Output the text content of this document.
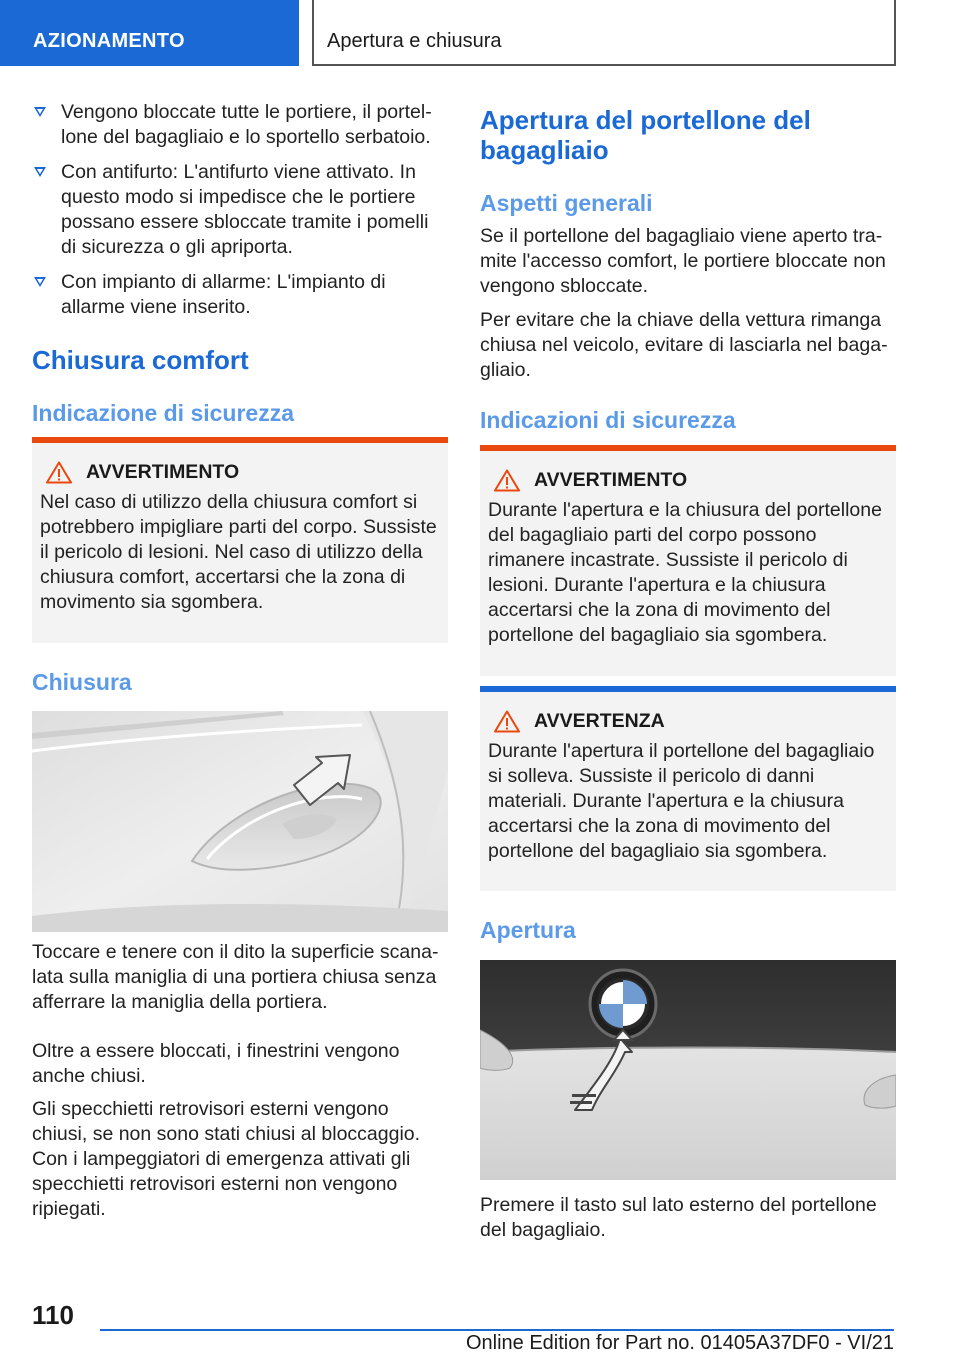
AZIONAMENTO	Apertura e chiusura
Vengono bloccate tutte le portiere, il portellone del bagagliaio e lo sportello serbatoio.
Con antifurto: L'antifurto viene attivato. In questo modo si impedisce che le portiere possano essere sbloccate tramite i pomelli di sicurezza o gli apriporta.
Con impianto di allarme: L'impianto di allarme viene inserito.
Chiusura comfort
Indicazione di sicurezza
AVVERTIMENTO

Nel caso di utilizzo della chiusura comfort si potrebbero impigliare parti del corpo. Sussiste il pericolo di lesioni. Nel caso di utilizzo della chiusura comfort, accertarsi che la zona di movimento sia sgombera.

Chiusura

Toccare e tenere con il dito la superficie scanalata sulla maniglia di una portiera chiusa senza afferrare la maniglia della portiera.

Oltre a essere bloccati, i finestrini vengono anche chiusi.

Gli specchietti retrovisori esterni vengono chiusi, se non sono stati chiusi al bloccaggio. Con i lampeggiatori di emergenza attivati gli specchietti retrovisori esterni non vengono ripiegati.

Apertura del portellone del bagagliaio
Aspetti generali

Se il portellone del bagagliaio viene aperto tramite l'accesso comfort, le portiere bloccate non vengono sbloccate.

Per evitare che la chiave della vettura rimanga chiusa nel veicolo, evitare di lasciarla nel bagagliaio.

Indicazioni di sicurezza
AVVERTIMENTO

Durante l'apertura e la chiusura del portellone del bagagliaio parti del corpo possono rimanere incastrate. Sussiste il pericolo di lesioni. Durante l'apertura e la chiusura accertarsi che la zona di movimento del portellone del bagagliaio sia sgombera.

AVVERTENZA

Durante l'apertura il portellone del bagagliaio si solleva. Sussiste il pericolo di danni materiali. Durante l'apertura e la chiusura accertarsi che la zona di movimento del portellone del bagagliaio sia sgombera.

Apertura

Premere il tasto sul lato esterno del portellone del bagagliaio.

110
Online Edition for Part no. 01405A37DF0 - VI/21
